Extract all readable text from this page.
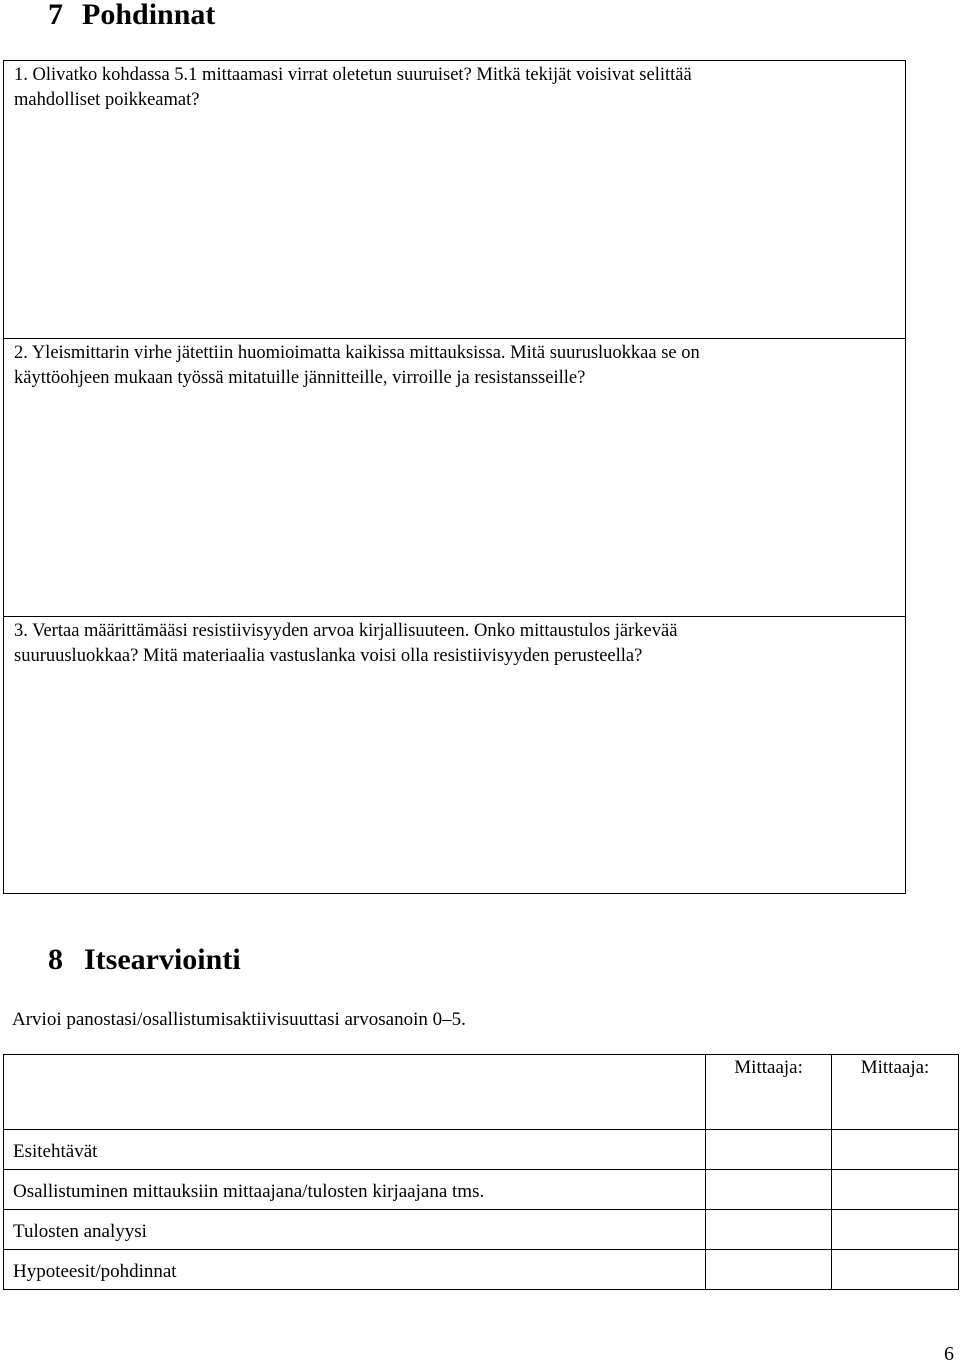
7 Pohdinnat
1. Olivatko kohdassa 5.1 mittaamasi virrat oletetun suuruiset? Mitkä tekijät voisivat selittää
mahdolliset poikkeamat?
2. Yleismittarin virhe jätettiin huomioimatta kaikissa mittauksissa. Mitä suurusluokkaa se on
käyttöohjeen mukaan työssä mitatuille jännitteille, virroille ja resistansseille?
3. Vertaa määrittämääsi resistiivisyyden arvoa kirjallisuuteen. Onko mittaustulos järkevää
suuruusluokkaa? Mitä materiaalia vastuslanka voisi olla resistiivisyyden perusteella?
8 Itsearviointi
Arvioi panostasi/osallistumisaktiivisuuttasi arvosanoin 0–5.
	Mittaaja:	Mittaaja:
Esitehtävät		
Osallistuminen mittauksiin mittaajana/tulosten kirjaajana tms.		
Tulosten analyysi		
Hypoteesit/pohdinnat		
6
